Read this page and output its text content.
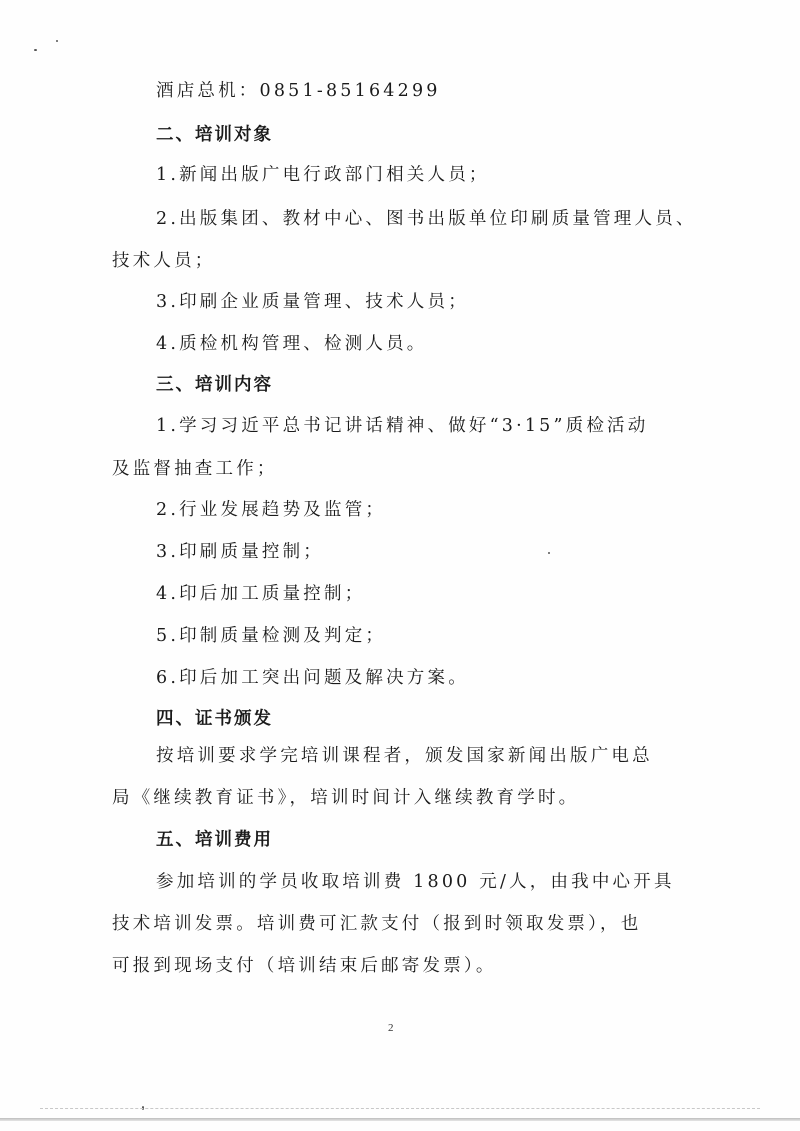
酒店总机：0851-85164299
二、培训对象
1.新闻出版广电行政部门相关人员；
2.出版集团、教材中心、图书出版单位印刷质量管理人员、
技术人员；
3.印刷企业质量管理、技术人员；
4.质检机构管理、检测人员。
三、培训内容
1.学习习近平总书记讲话精神、做好“3·15”质检活动
及监督抽查工作；
2.行业发展趋势及监管；
3.印刷质量控制；
4.印后加工质量控制；
5.印制质量检测及判定；
6.印后加工突出问题及解决方案。
四、证书颁发
按培训要求学完培训课程者，颁发国家新闻出版广电总
局《继续教育证书》，培训时间计入继续教育学时。
五、培训费用
参加培训的学员收取培训费 1800 元/人，由我中心开具
技术培训发票。培训费可汇款支付（报到时领取发票），也
可报到现场支付（培训结束后邮寄发票）。
2
